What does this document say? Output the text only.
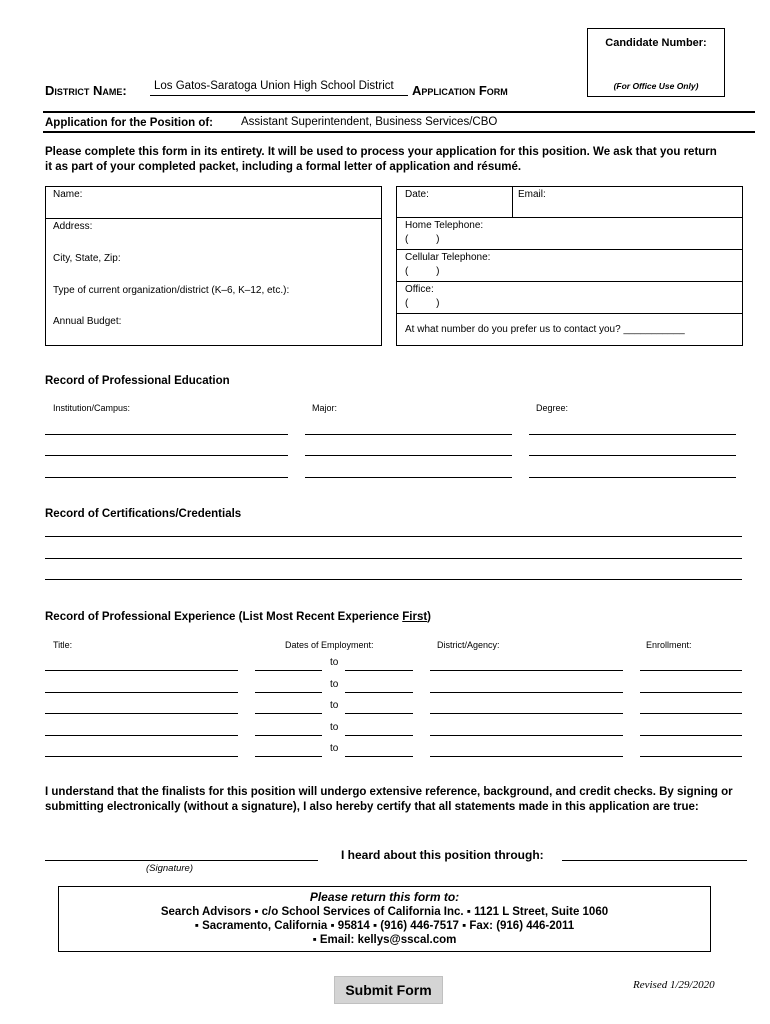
Candidate Number:
(For Office Use Only)
District Name: Los Gatos-Saratoga Union High School District Application Form
Application for the Position of: Assistant Superintendent, Business Services/CBO
Please complete this form in its entirety. It will be used to process your application for this position. We ask that you return it as part of your completed packet, including a formal letter of application and résumé.
Name:
Address:
City, State, Zip:
Type of current organization/district (K–6, K–12, etc.):
Annual Budget:
Date:	Email:
Home Telephone:
(          )
Cellular Telephone:
(          )
Office:
(          )
At what number do you prefer us to contact you? ___________
Record of Professional Education
Institution/Campus:	Major:	Degree:
Record of Certifications/Credentials
Record of Professional Experience (List Most Recent Experience First)
Title:	Dates of Employment:	District/Agency:	Enrollment:
to
to
to
to
to
I understand that the finalists for this position will undergo extensive reference, background, and credit checks. By signing or submitting electronically (without a signature), I also hereby certify that all statements made in this application are true:
(Signature)
I heard about this position through:
Please return this form to:
Search Advisors ▪ c/o School Services of California Inc. ▪ 1121 L Street, Suite 1060
▪ Sacramento, California ▪ 95814 ▪ (916) 446-7517 ▪ Fax: (916) 446-2011
▪ Email: kellys@sscal.com
Submit Form	Revised 1/29/2020
